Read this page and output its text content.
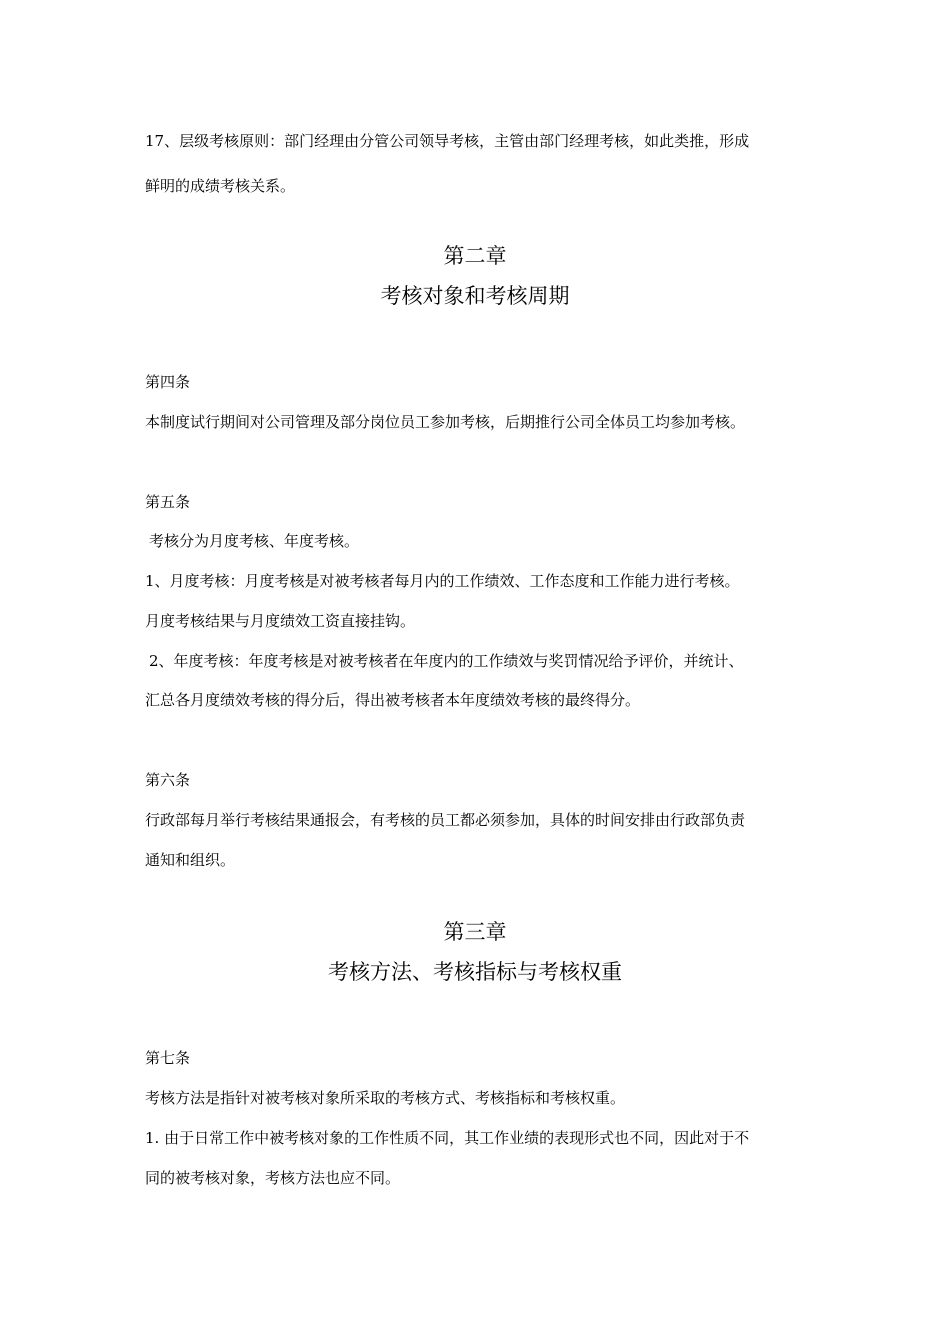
17、层级考核原则：部门经理由分管公司领导考核，主管由部门经理考核，如此类推，形成
鲜明的成绩考核关系。
第二章
考核对象和考核周期
第四条
本制度试行期间对公司管理及部分岗位员工参加考核，后期推行公司全体员工均参加考核。
第五条
考核分为月度考核、年度考核。
1、月度考核：月度考核是对被考核者每月内的工作绩效、工作态度和工作能力进行考核。
月度考核结果与月度绩效工资直接挂钩。
2、年度考核：年度考核是对被考核者在年度内的工作绩效与奖罚情况给予评价，并统计、
汇总各月度绩效考核的得分后，得出被考核者本年度绩效考核的最终得分。
第六条
行政部每月举行考核结果通报会，有考核的员工都必须参加，具体的时间安排由行政部负责
通知和组织。
第三章
考核方法、考核指标与考核权重
第七条
考核方法是指针对被考核对象所采取的考核方式、考核指标和考核权重。
1. 由于日常工作中被考核对象的工作性质不同，其工作业绩的表现形式也不同，因此对于不
同的被考核对象，考核方法也应不同。
